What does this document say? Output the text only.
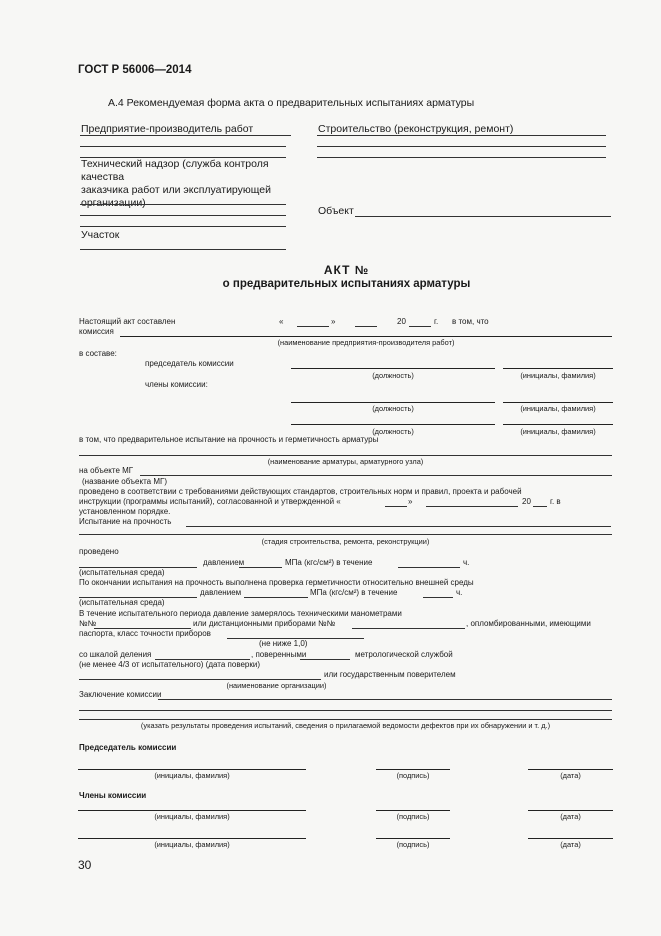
ГОСТ Р 56006—2014
А.4 Рекомендуемая форма акта о предварительных испытаниях арматуры
Предприятие-производитель работ	Строительство (реконструкция, ремонт)
Технический надзор (служба контроля
качества
заказчика работ или эксплуатирующей
организации)
Объект
Участок
АКТ №
о предварительных испытаниях арматуры
Настоящий акт составлен	«	»	20	г. в том, что
комиссия
(наименование предприятия-производителя работ)
в составе:
председатель комиссии
(должность)	(инициалы, фамилия)
члены комиссии:
(должность)	(инициалы, фамилия)
(должность)	(инициалы, фамилия)
в том, что предварительное испытание на прочность и герметичность арматуры
(наименование арматуры, арматурного узла)
на объекте МГ
(название объекта МГ)
проведено в соответствии с требованиями действующих стандартов, строительных норм и правил, проекта и рабочей
инструкции (программы испытаний), согласованной и утвержденной «	»	20 г. в
установленном порядке.
Испытание на прочность
(стадия строительства, ремонта, реконструкции)
проведено
давлением	МПа (кгс/см²) в течение	ч.
(испытательная среда)
По окончании испытания на прочность выполнена проверка герметичности относительно внешней среды
давлением	МПа (кгс/см²) в течение	ч.
(испытательная среда)
В течение испытательного периода давление замерялось техническими манометрами
№№	или дистанционными приборами №№	, опломбированными, имеющими
паспорта, класс точности приборов
(не ниже 1,0)
со шкалой деления	, поверенными	метрологической службой
(не менее 4/3 от испытательного) (дата поверки)
или государственным поверителем
(наименование организации)
Заключение комиссии
(указать результаты проведения испытаний, сведения о прилагаемой ведомости дефектов при их обнаружении и т. д.)
Председатель комиссии
(инициалы, фамилия)	(подпись)	(дата)
Члены комиссии
(инициалы, фамилия)	(подпись)	(дата)
(инициалы, фамилия)	(подпись)	(дата)
30
